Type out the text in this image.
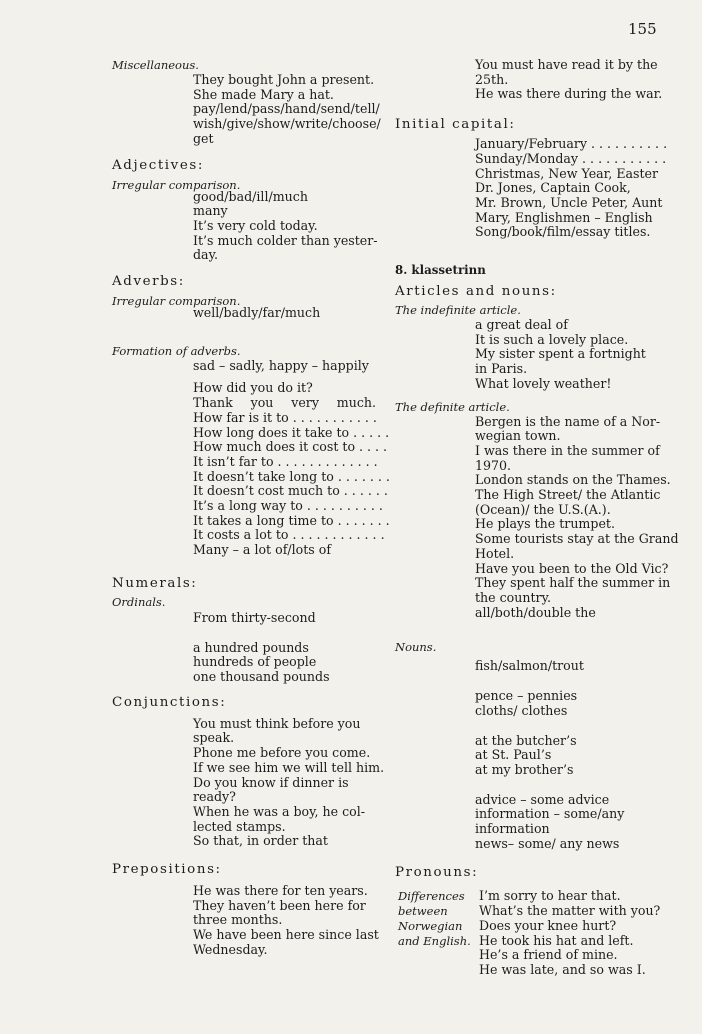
155
Miscellaneous.
They bought John a present.
She made Mary a hat.
pay/lend/pass/hand/send/tell/
wish/give/show/write/choose/
get
Adjectives:
Irregular comparison.
good/bad/ill/much
many
It’s very cold today.
It’s much colder than yester-
day.
Adverbs:
Irregular comparison.
well/badly/far/much
Formation of adverbs.
sad – sadly, happy – happily
How did you do it?
Thank you very much.
How far is it to . . . . . . . . . . .
How long does it take to . . . . .
How much does it cost to . . . .
It isn’t far to . . . . . . . . . . . . .
It doesn’t take long to . . . . . . .
It doesn’t cost much to . . . . . .
It’s a long way to . . . . . . . . . .
It takes a long time to . . . . . . .
It costs a lot to . . . . . . . . . . . .
Many – a lot of/lots of
Numerals:
Ordinals.
From thirty-second
a hundred pounds
hundreds of people
one thousand pounds
Conjunctions:
You must think before you
speak.
Phone me before you come.
If we see him we will tell him.
Do you know if dinner is
ready?
When he was a boy, he col-
lected stamps.
So that, in order that
Prepositions:
He was there for ten years.
They haven’t been here for
three months.
We have been here since last
Wednesday.
You must have read it by the
25th.
He was there during the war.
Initial capital:
January/February . . . . . . . . . .
Sunday/Monday . . . . . . . . . . .
Christmas, New Year, Easter
Dr. Jones, Captain Cook,
Mr. Brown, Uncle Peter, Aunt
Mary, Englishmen – English
Song/book/film/essay titles.
8. klassetrinn
Articles and nouns:
The indefinite article.
a great deal of
It is such a lovely place.
My sister spent a fortnight
in Paris.
What lovely weather!
The definite article.
Bergen is the name of a Nor-
wegian town.
I was there in the summer of
1970.
London stands on the Thames.
The High Street/ the Atlantic
(Ocean)/ the U.S.(A.).
He plays the trumpet.
Some tourists stay at the Grand
Hotel.
Have you been to the Old Vic?
They spent half the summer in
the country.
all/both/double the
Nouns.
fish/salmon/trout
pence – pennies
cloths/ clothes
at the butcher’s
at St. Paul’s
at my brother’s
advice – some advice
information – some/any
information
news– some/ any news
Pronouns:
Differences
between
Norwegian
and English.
I’m sorry to hear that.
What’s the matter with you?
Does your knee hurt?
He took his hat and left.
He’s a friend of mine.
He was late, and so was I.
